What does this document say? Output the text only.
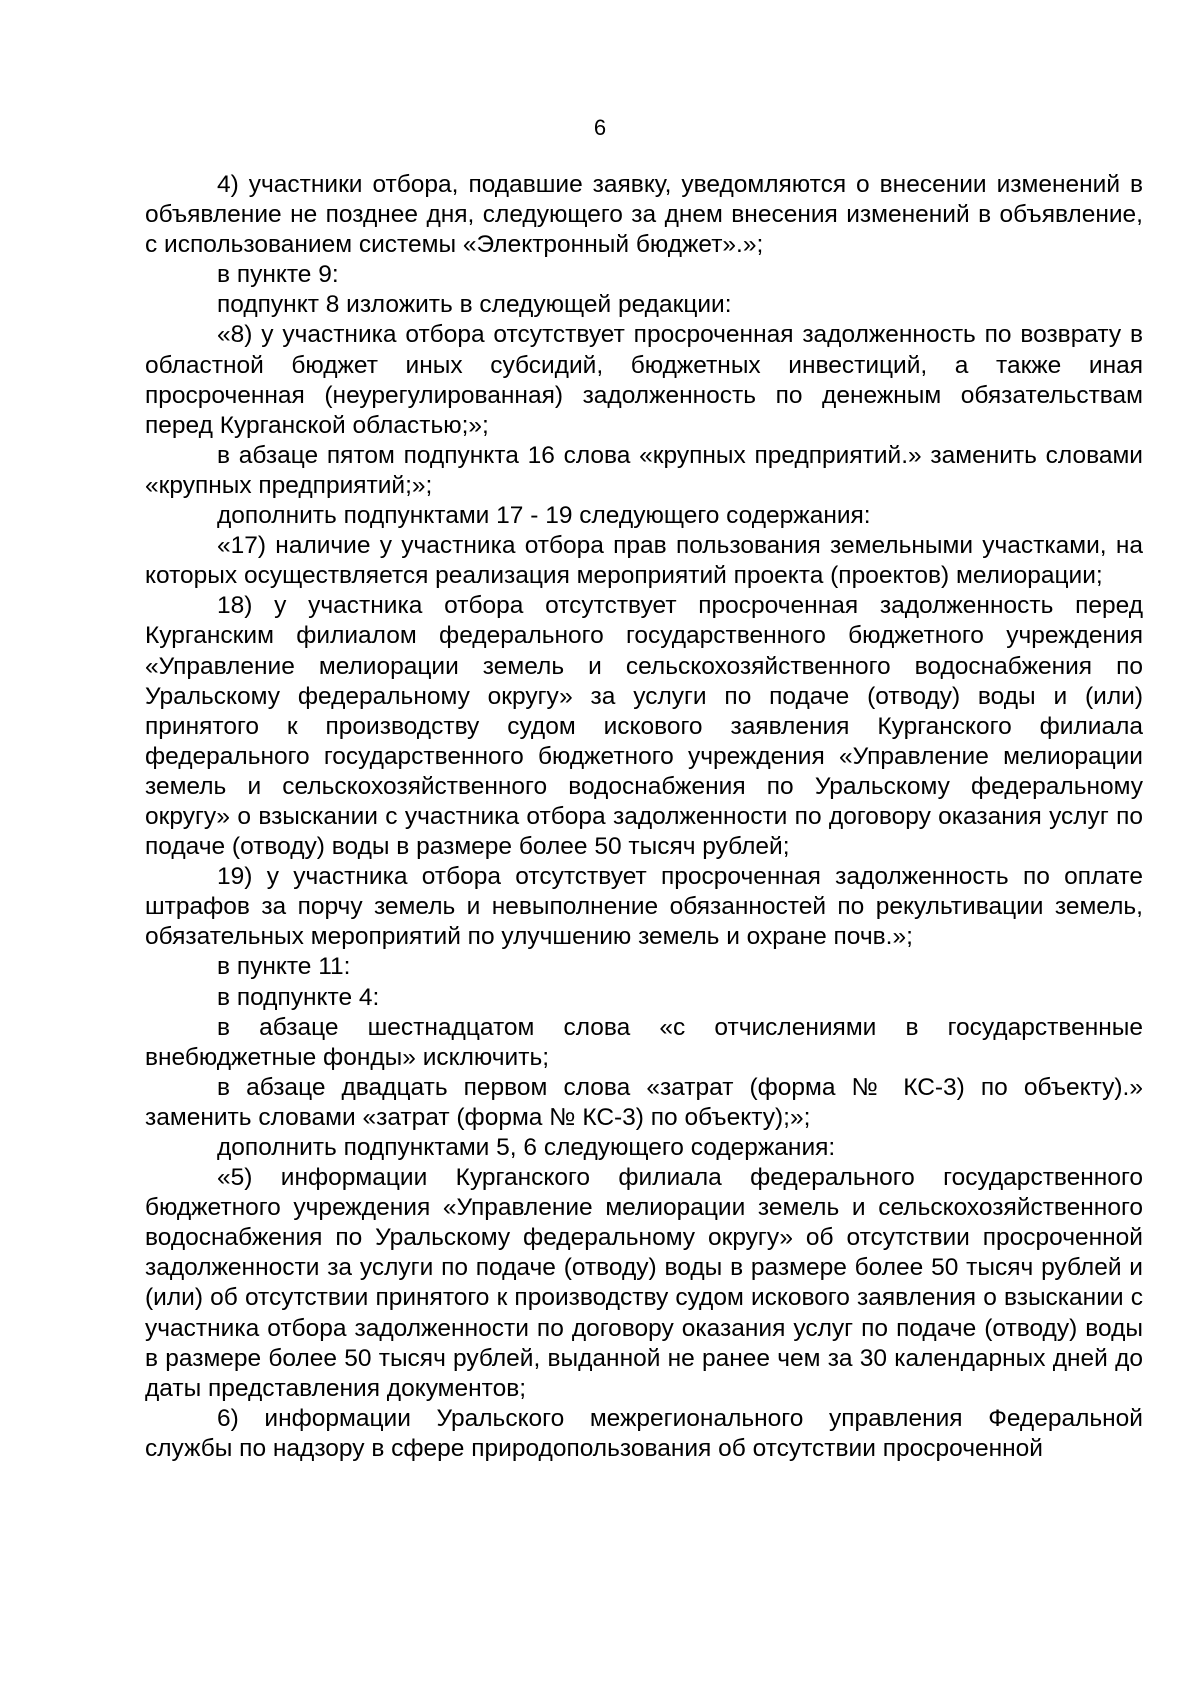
6

4) участники отбора, подавшие заявку, уведомляются о внесении изменений в объявление не позднее дня, следующего за днем внесения изменений в объявление, с использованием системы «Электронный бюджет».»;

в пункте 9:

подпункт 8 изложить в следующей редакции:

«8) у участника отбора отсутствует просроченная задолженность по возврату в областной бюджет иных субсидий, бюджетных инвестиций, а также иная просроченная (неурегулированная) задолженность по денежным обязательствам перед Курганской областью;»;

в абзаце пятом подпункта 16 слова «крупных предприятий.» заменить словами «крупных предприятий;»;

дополнить подпунктами 17 - 19 следующего содержания:

«17) наличие у участника отбора прав пользования земельными участками, на которых осуществляется реализация мероприятий проекта (проектов) мелиорации;

18) у участника отбора отсутствует просроченная задолженность перед Курганским филиалом федерального государственного бюджетного учреждения «Управление мелиорации земель и сельскохозяйственного водоснабжения по Уральскому федеральному округу» за услуги по подаче (отводу) воды и (или) принятого к производству судом искового заявления Курганского филиала федерального государственного бюджетного учреждения «Управление мелиорации земель и сельскохозяйственного водоснабжения по Уральскому федеральному округу» о взыскании с участника отбора задолженности по договору оказания услуг по подаче (отводу) воды в размере более 50 тысяч рублей;

19) у участника отбора отсутствует просроченная задолженность по оплате штрафов за порчу земель и невыполнение обязанностей по рекультивации земель, обязательных мероприятий по улучшению земель и охране почв.»;

в пункте 11:

в подпункте 4:

в абзаце шестнадцатом слова «с отчислениями в государственные внебюджетные фонды» исключить;

в абзаце двадцать первом слова «затрат (форма № КС-3) по объекту).» заменить словами «затрат (форма № КС-3) по объекту);»;

дополнить подпунктами 5, 6 следующего содержания:

«5) информации Курганского филиала федерального государственного бюджетного учреждения «Управление мелиорации земель и сельскохозяйственного водоснабжения по Уральскому федеральному округу» об отсутствии просроченной задолженности за услуги по подаче (отводу) воды в размере более 50 тысяч рублей и (или) об отсутствии принятого к производству судом искового заявления о взыскании с участника отбора задолженности по договору оказания услуг по подаче (отводу) воды в размере более 50 тысяч рублей, выданной не ранее чем за 30 календарных дней до даты представления документов;

6) информации Уральского межрегионального управления Федеральной службы по надзору в сфере природопользования об отсутствии просроченной
